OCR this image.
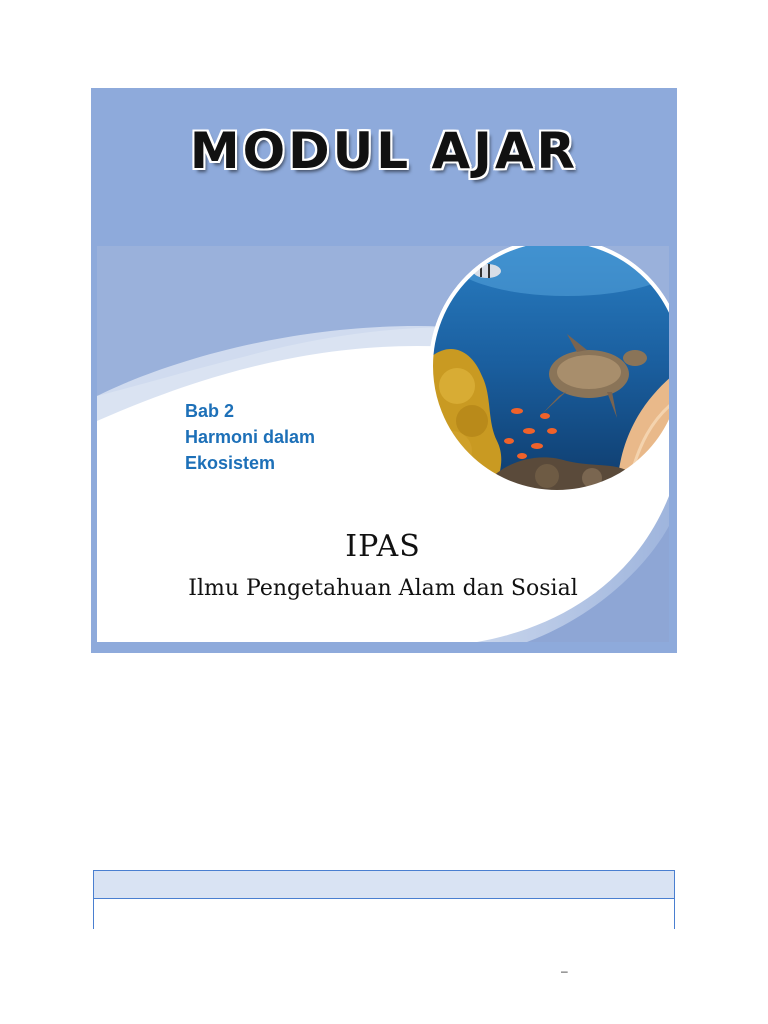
MODUL AJAR
Bab 2
Harmoni dalam
Ekosistem
IPAS
Ilmu Pengetahuan Alam dan Sosial
–
